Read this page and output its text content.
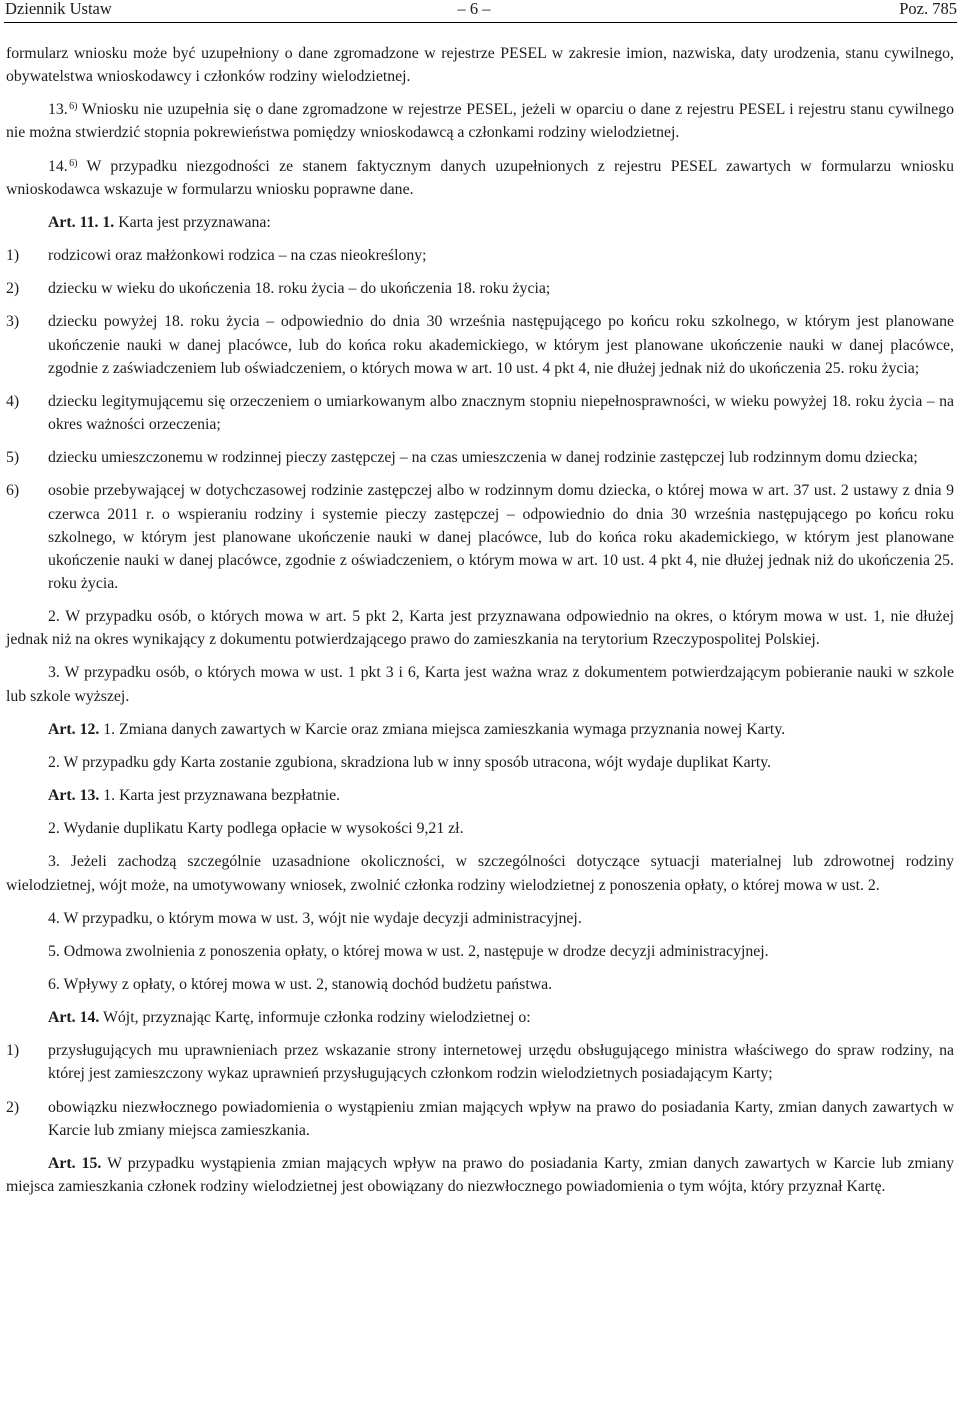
Dziennik Ustaw	– 6 –	Poz. 785

formularz wniosku może być uzupełniony o dane zgromadzone w rejestrze PESEL w zakresie imion, nazwiska, daty urodzenia, stanu cywilnego, obywatelstwa wnioskodawcy i członków rodziny wielodzietnej.

13. $^{6)}$ Wniosku nie uzupełnia się o dane zgromadzone w rejestrze PESEL, jeżeli w oparciu o dane z rejestru PESEL i rejestru stanu cywilnego nie można stwierdzić stopnia pokrewieństwa pomiędzy wnioskodawcą a członkami rodziny wielodzietnej.

14. $^{6)}$ W przypadku niezgodności ze stanem faktycznym danych uzupełnionych z rejestru PESEL zawartych w formularzu wniosku wnioskodawca wskazuje w formularzu wniosku poprawne dane.

Art. 11. 1. Karta jest przyznawana:

1) rodzicowi oraz małżonkowi rodzica – na czas nieokreślony;
2) dziecku w wieku do ukończenia 18. roku życia – do ukończenia 18. roku życia;
3) dziecku powyżej 18. roku życia – odpowiednio do dnia 30 września następującego po końcu roku szkolnego, w którym jest planowane ukończenie nauki w danej placówce, lub do końca roku akademickiego, w którym jest planowane ukończenie nauki w danej placówce, zgodnie z zaświadczeniem lub oświadczeniem, o których mowa w art. 10 ust. 4 pkt 4, nie dłużej jednak niż do ukończenia 25. roku życia;
4) dziecku legitymującemu się orzeczeniem o umiarkowanym albo znacznym stopniu niepełnosprawności, w wieku powyżej 18. roku życia – na okres ważności orzeczenia;
5) dziecku umieszczonemu w rodzinnej pieczy zastępczej – na czas umieszczenia w danej rodzinie zastępczej lub rodzinnym domu dziecka;
6) osobie przebywającej w dotychczasowej rodzinie zastępczej albo w rodzinnym domu dziecka, o której mowa w art. 37 ust. 2 ustawy z dnia 9 czerwca 2011 r. o wspieraniu rodziny i systemie pieczy zastępczej – odpowiednio do dnia 30 września następującego po końcu roku szkolnego, w którym jest planowane ukończenie nauki w danej placówce, lub do końca roku akademickiego, w którym jest planowane ukończenie nauki w danej placówce, zgodnie z oświadczeniem, o którym mowa w art. 10 ust. 4 pkt 4, nie dłużej jednak niż do ukończenia 25. roku życia.

2. W przypadku osób, o których mowa w art. 5 pkt 2, Karta jest przyznawana odpowiednio na okres, o którym mowa w ust. 1, nie dłużej jednak niż na okres wynikający z dokumentu potwierdzającego prawo do zamieszkania na terytorium Rzeczypospolitej Polskiej.

3. W przypadku osób, o których mowa w ust. 1 pkt 3 i 6, Karta jest ważna wraz z dokumentem potwierdzającym pobieranie nauki w szkole lub szkole wyższej.

Art. 12. 1. Zmiana danych zawartych w Karcie oraz zmiana miejsca zamieszkania wymaga przyznania nowej Karty.

2. W przypadku gdy Karta zostanie zgubiona, skradziona lub w inny sposób utracona, wójt wydaje duplikat Karty.

Art. 13. 1. Karta jest przyznawana bezpłatnie.

2. Wydanie duplikatu Karty podlega opłacie w wysokości 9,21 zł.

3. Jeżeli zachodzą szczególnie uzasadnione okoliczności, w szczególności dotyczące sytuacji materialnej lub zdrowotnej rodziny wielodzietnej, wójt może, na umotywowany wniosek, zwolnić członka rodziny wielodzietnej z ponoszenia opłaty, o której mowa w ust. 2.

4. W przypadku, o którym mowa w ust. 3, wójt nie wydaje decyzji administracyjnej.

5. Odmowa zwolnienia z ponoszenia opłaty, o której mowa w ust. 2, następuje w drodze decyzji administracyjnej.

6. Wpływy z opłaty, o której mowa w ust. 2, stanowią dochód budżetu państwa.

Art. 14. Wójt, przyznając Kartę, informuje członka rodziny wielodzietnej o:

1) przysługujących mu uprawnieniach przez wskazanie strony internetowej urzędu obsługującego ministra właściwego do spraw rodziny, na której jest zamieszczony wykaz uprawnień przysługujących członkom rodzin wielodzietnych posiadającym Karty;
2) obowiązku niezwłocznego powiadomienia o wystąpieniu zmian mających wpływ na prawo do posiadania Karty, zmian danych zawartych w Karcie lub zmiany miejsca zamieszkania.

Art. 15. W przypadku wystąpienia zmian mających wpływ na prawo do posiadania Karty, zmian danych zawartych w Karcie lub zmiany miejsca zamieszkania członek rodziny wielodzietnej jest obowiązany do niezwłocznego powiadomienia o tym wójta, który przyznał Kartę.
